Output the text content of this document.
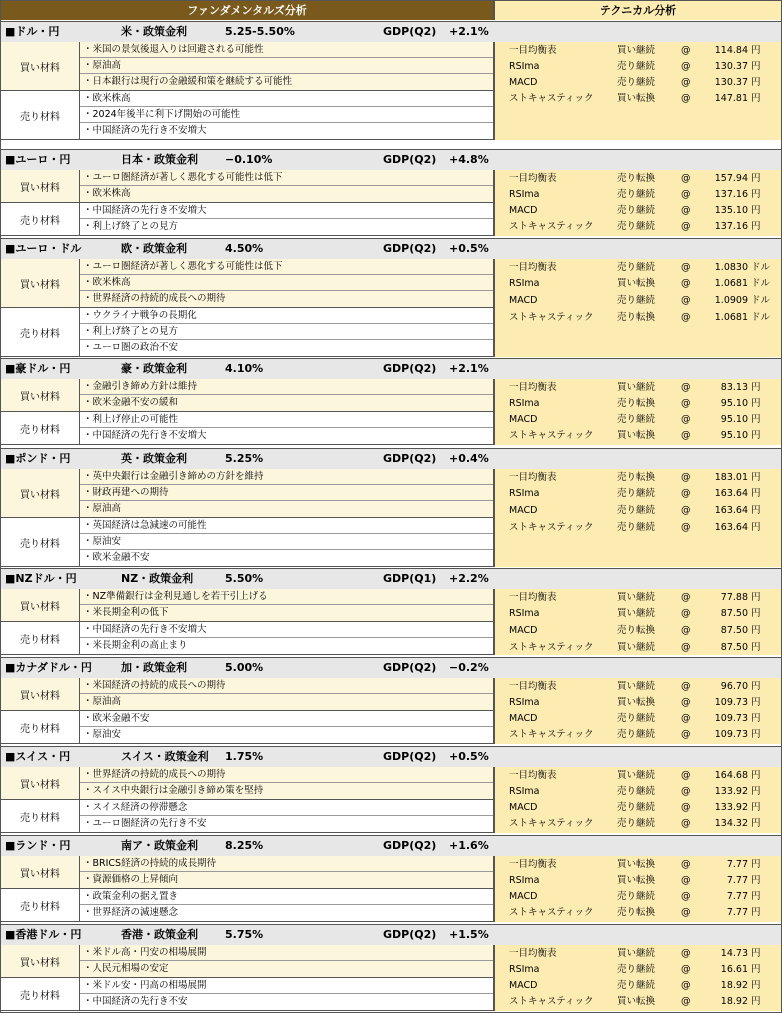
ファンダメンタルズ分析	テクニカル分析
■ドル・円	米・政策金利	5.25-5.50%	GDP(Q2) +2.1%
買い材料
・米国の景気後退入りは回避される可能性
・原油高
・日本銀行は現行の金融緩和策を継続する可能性
売り材料
・欧米株高
・2024年後半に利下げ開始の可能性
・中国経済の先行き不安増大
一目均衡表	買い継続	@	114.84 円
RSIma	売り継続	@	130.37 円
MACD	売り継続	@	130.37 円
ストキャスティック 買い転換	@	147.81 円
■ユーロ・円	日本・政策金利 −0.10%	GDP(Q2) +4.8%
買い材料
・ユーロ圏経済が著しく悪化する可能性は低下
・欧米株高
売り材料
・中国経済の先行き不安増大
・利上げ終了との見方
一目均衡表	売り転換	@	157.94 円
RSIma	売り継続	@	137.16 円
MACD	売り継続	@	135.10 円
ストキャスティック 売り継続	@	137.16 円
■ユーロ・ドル	欧・政策金利	4.50%	GDP(Q2) +0.5%
買い材料
・ユーロ圏経済が著しく悪化する可能性は低下
・欧米株高
・世界経済の持続的成長への期待
売り材料
・ウクライナ戦争の長期化
・利上げ終了との見方
・ユーロ圏の政治不安
一目均衡表	売り継続	@	1.0830 ドル
RSIma	買い転換	@	1.0681 ドル
MACD	売り継続	@	1.0909 ドル
ストキャスティック 売り転換	@	1.0681 ドル
■豪ドル・円	豪・政策金利	4.10%	GDP(Q2) +2.1%
買い材料
・金融引き締め方針は維持
・欧米金融不安の緩和
売り材料
・利上げ停止の可能性
・中国経済の先行き不安増大
一目均衡表	買い継続	@	83.13 円
RSIma	売り転換	@	95.10 円
MACD	売り継続	@	95.10 円
ストキャスティック 買い転換	@	95.10 円
■ポンド・円	英・政策金利	5.25%	GDP(Q2) +0.4%
買い材料
・英中央銀行は金融引き締めの方針を維持
・財政再建への期待
・原油高
売り材料
・英国経済は急減速の可能性
・原油安
・欧米金融不安
一目均衡表	売り転換	@	183.01 円
RSIma	売り継続	@	163.64 円
MACD	売り継続	@	163.64 円
ストキャスティック 売り継続	@	163.64 円
■NZドル・円	NZ・政策金利	5.50%	GDP(Q1) +2.2%
買い材料
・NZ準備銀行は金利見通しを若干引上げる
・米長期金利の低下
売り材料
・中国経済の先行き不安増大
・米長期金利の高止まり
一目均衡表	買い継続	@	77.88 円
RSIma	買い継続	@	87.50 円
MACD	売り転換	@	87.50 円
ストキャスティック 買い継続	@	87.50 円
■カナダドル・円	加・政策金利	5.00%	GDP(Q2) −0.2%
買い材料
・米国経済の持続的成長への期待
・原油高
売り材料
・欧米金融不安
・原油安
一目均衡表	買い継続	@	96.70 円
RSIma	買い転換	@	109.73 円
MACD	売り継続	@	109.73 円
ストキャスティック 売り継続	@	109.73 円
■スイス・円	スイス・政策金利 1.75%	GDP(Q2) +0.5%
買い材料
・世界経済の持続的成長への期待
・スイス中央銀行は金融引き締め策を堅持
売り材料
・スイス経済の停滞懸念
・ユーロ圏経済の先行き不安
一目均衡表	買い継続	@	164.68 円
RSIma	売り継続	@	133.92 円
MACD	売り継続	@	133.92 円
ストキャスティック 売り継続	@	134.32 円
■ランド・円	南ア・政策金利 8.25%	GDP(Q2) +1.6%
買い材料
・BRICS経済の持続的成長期待
・資源価格の上昇傾向
売り材料
・政策金利の据え置き
・世界経済の減速懸念
一目均衡表	買い転換	@	7.77 円
RSIma	買い転換	@	7.77 円
MACD	売り継続	@	7.77 円
ストキャスティック 売り転換	@	7.77 円
■香港ドル・円	香港・政策金利 5.75%	GDP(Q2) +1.5%
買い材料
・米ドル高・円安の相場展開
・人民元相場の安定
売り材料
・米ドル安・円高の相場展開
・中国経済の先行き不安
一目均衡表	買い継続	@	14.73 円
RSIma	売り継続	@	16.61 円
MACD	売り継続	@	18.92 円
ストキャスティック 買い転換	@	18.92 円
